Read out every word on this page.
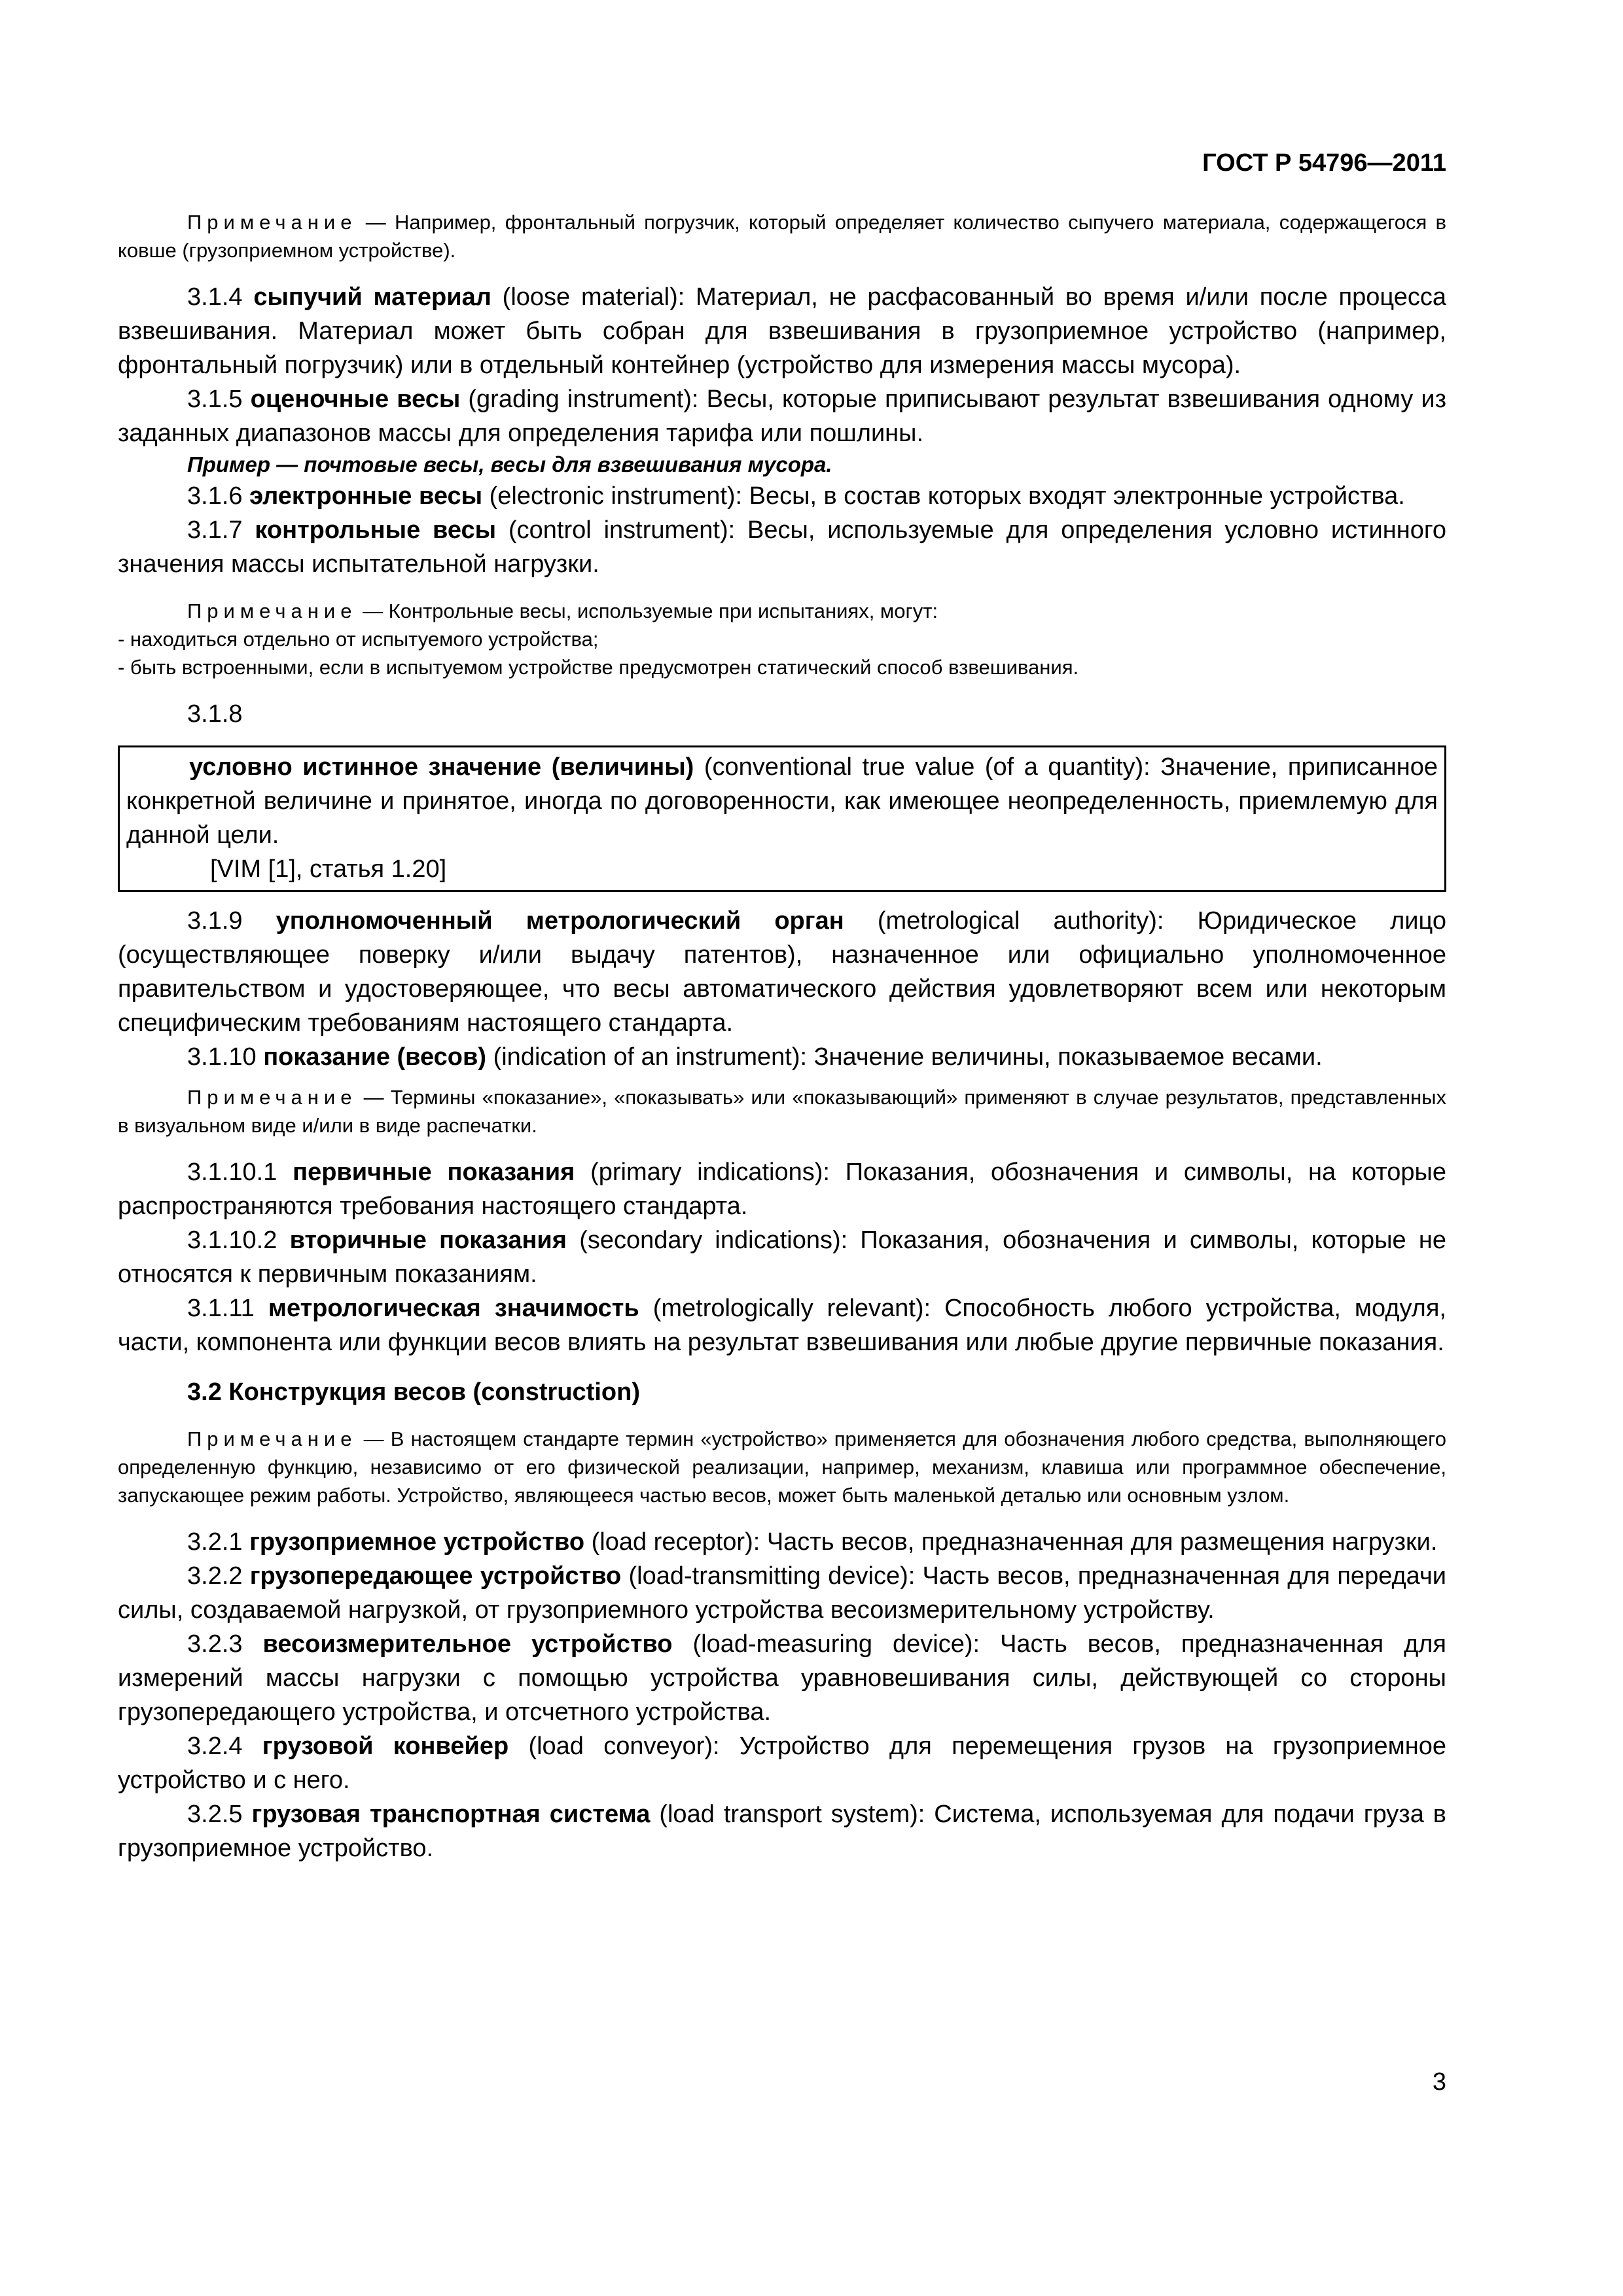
ГОСТ Р 54796—2011

Примечание — Например, фронтальный погрузчик, который определяет количество сыпучего материала, содержащегося в ковше (грузоприемном устройстве).

3.1.4 сыпучий материал (loose material): Материал, не расфасованный во время и/или после процесса взвешивания. Материал может быть собран для взвешивания в грузоприемное устройство (например, фронтальный погрузчик) или в отдельный контейнер (устройство для измерения массы мусора).

3.1.5 оценочные весы (grading instrument): Весы, которые приписывают результат взвешивания одному из заданных диапазонов массы для определения тарифа или пошлины.

Пример — почтовые весы, весы для взвешивания мусора.

3.1.6 электронные весы (electronic instrument): Весы, в состав которых входят электронные устройства.

3.1.7 контрольные весы (control instrument): Весы, используемые для определения условно истинного значения массы испытательной нагрузки.

Примечание — Контрольные весы, используемые при испытаниях, могут:

- находиться отдельно от испытуемого устройства;

- быть встроенными, если в испытуемом устройстве предусмотрен статический способ взвешивания.

3.1.8

условно истинное значение (величины) (conventional true value (of a quantity): Значение, приписанное конкретной величине и принятое, иногда по договоренности, как имеющее неопределенность, приемлемую для данной цели.

[VIM [1], статья 1.20]

3.1.9 уполномоченный метрологический орган (metrological authority): Юридическое лицо (осуществляющее поверку и/или выдачу патентов), назначенное или официально уполномоченное правительством и удостоверяющее, что весы автоматического действия удовлетворяют всем или некоторым специфическим требованиям настоящего стандарта.

3.1.10 показание (весов) (indication of an instrument): Значение величины, показываемое весами.

Примечание — Термины «показание», «показывать» или «показывающий» применяют в случае результатов, представленных в визуальном виде и/или в виде распечатки.

3.1.10.1 первичные показания (primary indications): Показания, обозначения и символы, на которые распространяются требования настоящего стандарта.

3.1.10.2 вторичные показания (secondary indications): Показания, обозначения и символы, которые не относятся к первичным показаниям.

3.1.11 метрологическая значимость (metrologically relevant): Способность любого устройства, модуля, части, компонента или функции весов влиять на результат взвешивания или любые другие первичные показания.

3.2 Конструкция весов (construction)

Примечание — В настоящем стандарте термин «устройство» применяется для обозначения любого средства, выполняющего определенную функцию, независимо от его физической реализации, например, механизм, клавиша или программное обеспечение, запускающее режим работы. Устройство, являющееся частью весов, может быть маленькой деталью или основным узлом.

3.2.1 грузоприемное устройство (load receptor): Часть весов, предназначенная для размещения нагрузки.

3.2.2 грузопередающее устройство (load-transmitting device): Часть весов, предназначенная для передачи силы, создаваемой нагрузкой, от грузоприемного устройства весоизмерительному устройству.

3.2.3 весоизмерительное устройство (load-measuring device): Часть весов, предназначенная для измерений массы нагрузки с помощью устройства уравновешивания силы, действующей со стороны грузопередающего устройства, и отсчетного устройства.

3.2.4 грузовой конвейер (load conveyor): Устройство для перемещения грузов на грузоприемное устройство и с него.

3.2.5 грузовая транспортная система (load transport system): Система, используемая для подачи груза в грузоприемное устройство.

3
